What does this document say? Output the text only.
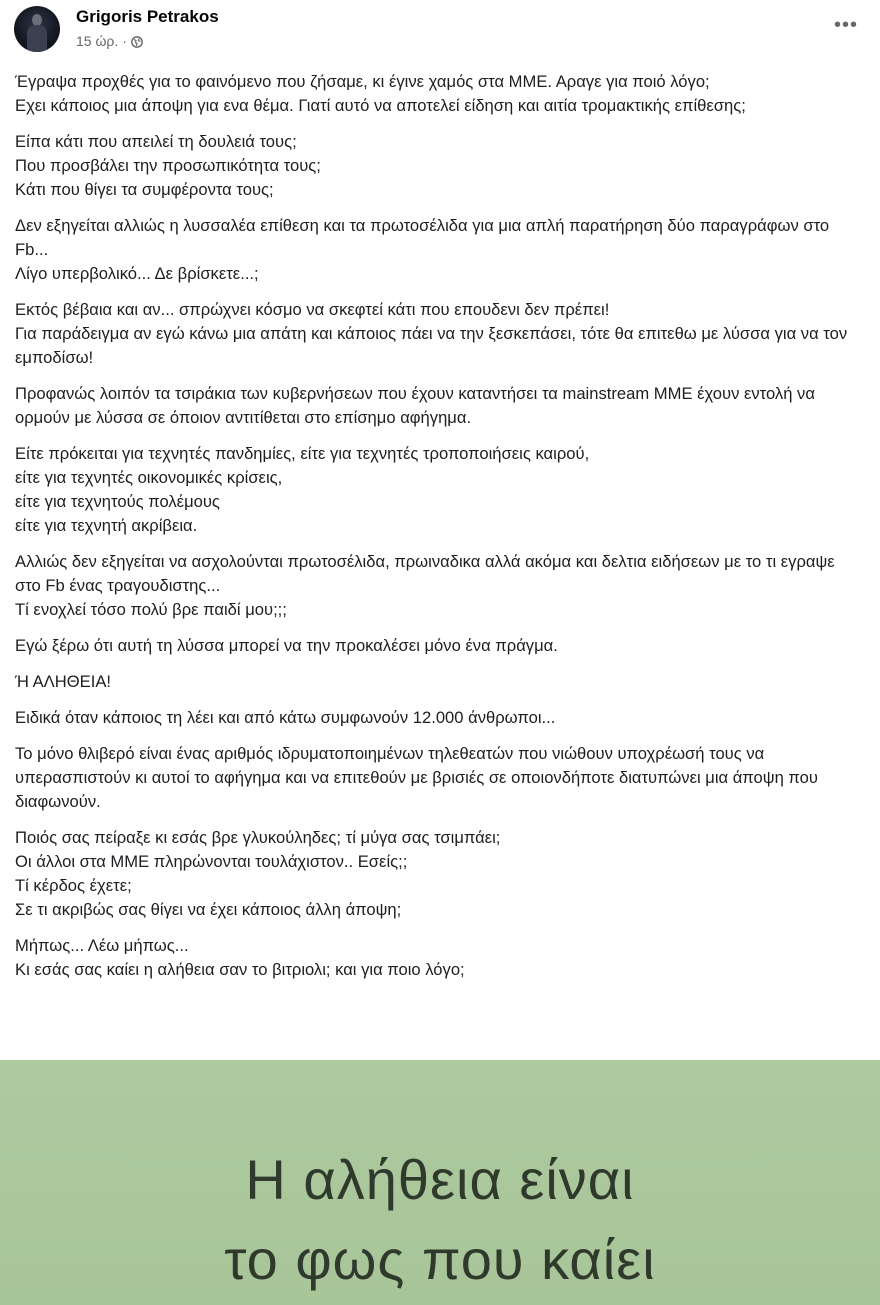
Grigoris Petrakos
15 ώρ. ·
•••

Έγραψα προχθές για το φαινόμενο που ζήσαμε, κι έγινε χαμός στα ΜΜΕ. Αραγε για ποιό λόγο;
Εχει κάποιος μια άποψη για ενα θέμα. Γιατί αυτό να αποτελεί είδηση και αιτία τρομακτικής επίθεσης;

Είπα κάτι που απειλεί τη δουλειά τους;
Που προσβάλει την προσωπικότητα τους;
Κάτι που θίγει τα συμφέροντα τους;

Δεν εξηγείται αλλιώς η λυσσαλέα επίθεση και τα πρωτοσέλιδα για μια απλή παρατήρηση δύο παραγράφων στο Fb...
Λίγο υπερβολικό... Δε βρίσκετε...;

Εκτός βέβαια και αν... σπρώχνει κόσμο να σκεφτεί κάτι που επουδενι δεν πρέπει!
Για παράδειγμα αν εγώ κάνω μια απάτη και κάποιος πάει να την ξεσκεπάσει, τότε θα επιτεθω με λύσσα για να τον εμποδίσω!

Προφανώς λοιπόν τα τσιράκια των κυβερνήσεων που έχουν καταντήσει τα mainstream ΜΜΕ έχουν εντολή να ορμούν με λύσσα σε όποιον αντιτίθεται στο επίσημο αφήγημα.

Είτε πρόκειται για τεχνητές πανδημίες, είτε για τεχνητές τροποποιήσεις καιρού,
είτε για τεχνητές οικονομικές κρίσεις,
είτε για τεχνητούς πολέμους
είτε για τεχνητή ακρίβεια.

Αλλιώς δεν εξηγείται να ασχολούνται πρωτοσέλιδα, πρωιναδικα αλλά ακόμα και δελτια ειδήσεων με το τι εγραψε στο Fb ένας τραγουδιστης...
Τί ενοχλεί τόσο πολύ βρε παιδί μου;;;

Εγώ ξέρω ότι αυτή τη λύσσα μπορεί να την προκαλέσει μόνο ένα πράγμα.

Ή ΑΛΗΘΕΙΑ!

Ειδικά όταν κάποιος τη λέει και από κάτω συμφωνούν 12.000 άνθρωποι...

Το μόνο θλιβερό είναι ένας αριθμός ιδρυματοποιημένων τηλεθεατών που νιώθουν υποχρέωσή τους να υπερασπιστούν κι αυτοί το αφήγημα και να επιτεθούν με βρισιές σε οποιονδήποτε διατυπώνει μια άποψη που διαφωνούν.

Ποιός σας πείραξε κι εσάς βρε γλυκούληδες; τί μύγα σας τσιμπάει;
Οι άλλοι στα ΜΜΕ πληρώνονται τουλάχιστον.. Εσείς;;
Τί κέρδος έχετε;
Σε τι ακριβώς σας θίγει να έχει κάποιος άλλη άποψη;

Μήπως... Λέω μήπως...
Κι εσάς σας καίει η αλήθεια σαν το βιτριολι; και για ποιο λόγο;

Η αλήθεια είναι
το φως που καίει
